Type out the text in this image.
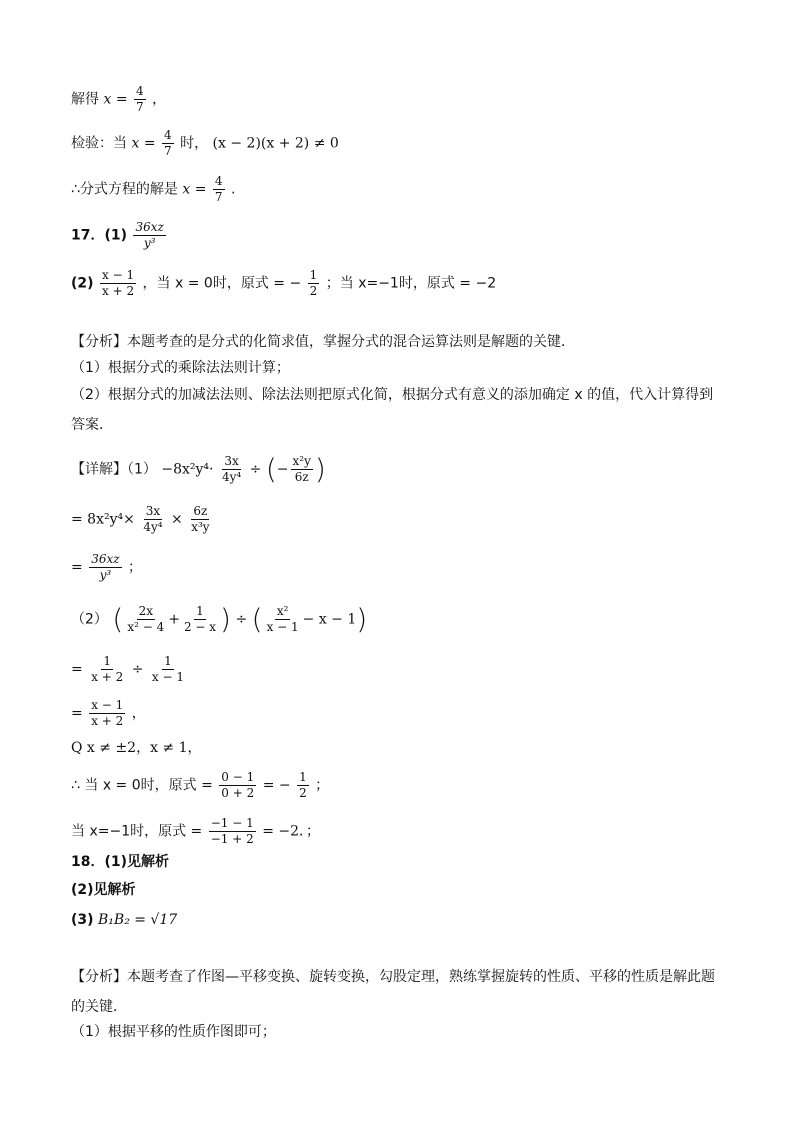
解得 $x = \frac{4}{7}$ ，
检验：当 $x = \frac{4}{7}$ 时， (x − 2)(x + 2) ≠ 0
∴分式方程的解是 $x = \frac{4}{7}$ .
17．$(1) \frac{36xz}{\text{y³}}$
$(2) \frac{x - 1}{x + 2}$ ，当 x = 0时，原式 = − $\frac{1}{2}$ ；当 x=−1时，原式 = −2
【分析】本题考查的是分式的化简求值，掌握分式的混合运算法则是解题的关键．
（1）根据分式的乘除法法则计算；
（2）根据分式的加减法法则、除法法则把原式化简，根据分式有意义的添加确定 x 的值，代入计算得到答案．
【详解】$(1) -8x^2y^4\cdot \frac{3x}{\text{4y⁴}}$ ÷ (− $\frac{\text{x²y}}{6z}$ )
= $8x^2y^4\times \frac{3x}{\text{4y⁴}} \times \frac{6z}{\text{x³y}}$
= $\frac{36xz}{\text{y³}}$ ；
（2） ( $\frac{2x}{\text{x² − 4}} + \frac{1}{2 - x}$ ) ÷ ( $\frac{\text{x²}}{x - 1} - x - 1$)
= $\frac{1}{x + 2} \div \frac{1}{x - 1}$
= $\frac{x - 1}{x + 2}$ ，
Q x ≠ ±2，x ≠ 1，
∴ 当 x = 0时，原式 = $\frac{0 - 1}{0 + 2}$ = − $\frac{1}{2}$ ；
当 x=−1时，原式 = $\frac{-1 - 1}{-1 + 2} = -2$．；
18．(1)见解析
(2)见解析
(3) B₁B₂ = √17
【分析】本题考查了作图—平移变换、旋转变换，勾股定理，熟练掌握旋转的性质、平移的性质是解此题的关键．
（1）根据平移的性质作图即可；
